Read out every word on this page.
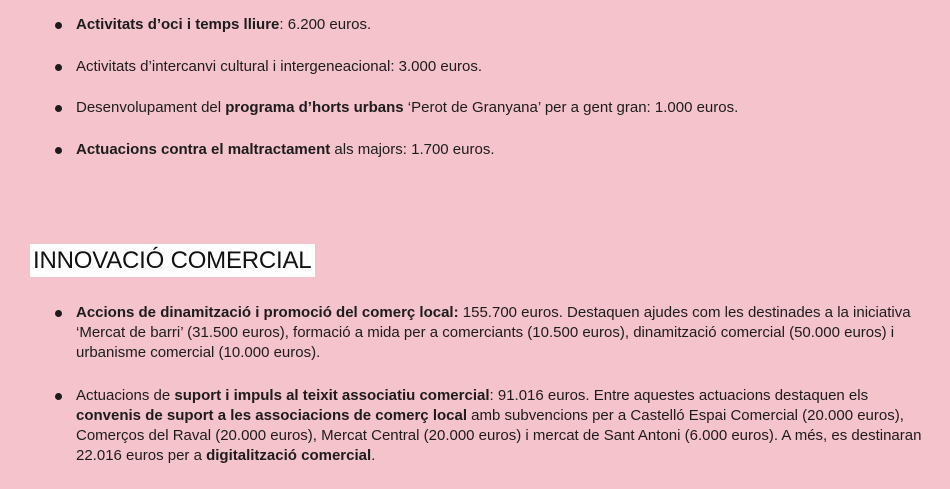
Activitats d’oci i temps lliure: 6.200 euros.
Activitats d’intercanvi cultural i intergeneacional: 3.000 euros.
Desenvolupament del programa d’horts urbans ‘Perot de Granyana’ per a gent gran: 1.000 euros.
Actuacions contra el maltractament als majors: 1.700 euros.
INNOVACIÓ COMERCIAL
Accions de dinamització i promoció del comerç local: 155.700 euros. Destaquen ajudes com les destinades a la iniciativa ‘Mercat de barri’ (31.500 euros), formació a mida per a comerciants (10.500 euros), dinamització comercial (50.000 euros) i urbanisme comercial (10.000 euros).
Actuacions de suport i impuls al teixit associatiu comercial: 91.016 euros. Entre aquestes actuacions destaquen els convenis de suport a les associacions de comerç local amb subvencions per a Castelló Espai Comercial (20.000 euros), Comerços del Raval (20.000 euros), Mercat Central (20.000 euros) i mercat de Sant Antoni (6.000 euros). A més, es destinaran 22.016 euros per a digitalització comercial.
